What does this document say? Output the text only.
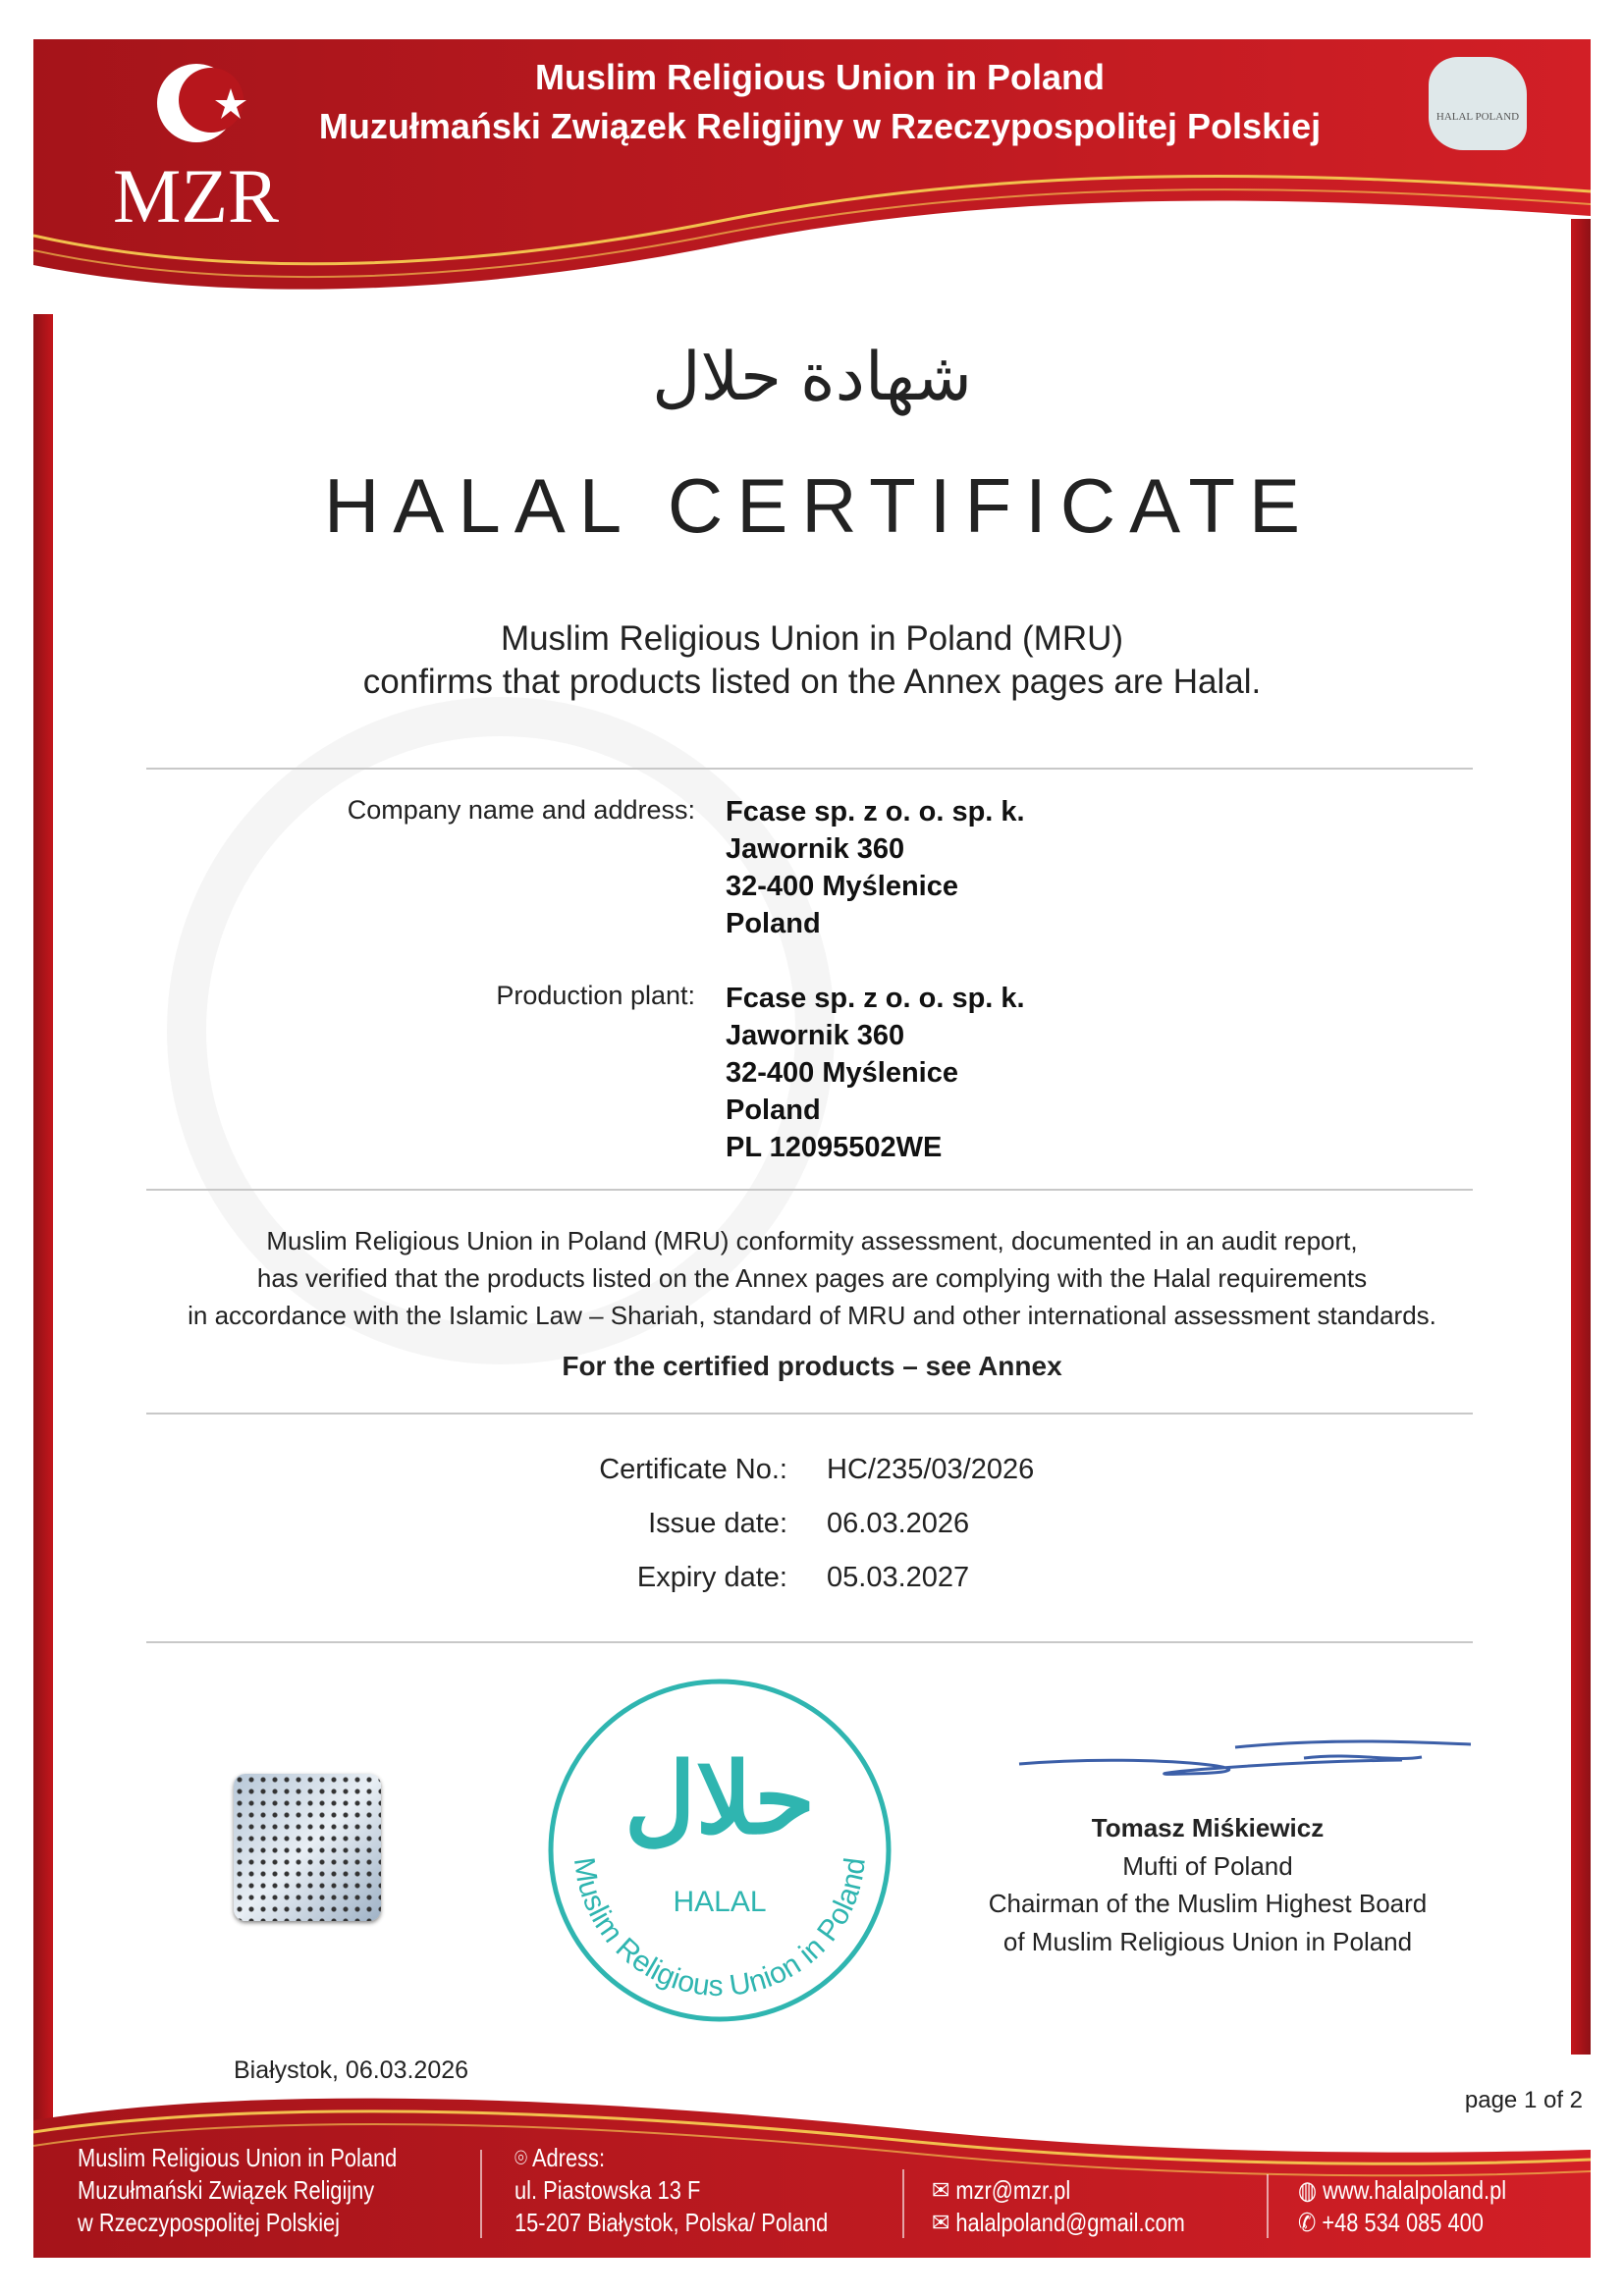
MZR
Muslim Religious Union in Poland
Muzułmański Związek Religijny w Rzeczypospolitej Polskiej	HALAL POLAND
شهادة حلال
HALAL CERTIFICATE
Muslim Religious Union in Poland (MRU)
confirms that products listed on the Annex pages are Halal.
Company name and address: Fcase sp. z o. o. sp. k.
Jawornik 360
32-400 Myślenice
Poland
Production plant: Fcase sp. z o. o. sp. k.
Jawornik 360
32-400 Myślenice
Poland
PL 12095502WE
Muslim Religious Union in Poland (MRU) conformity assessment, documented in an audit report,
has verified that the products listed on the Annex pages are complying with the Halal requirements
in accordance with the Islamic Law – Shariah, standard of MRU and other international assessment standards.
For the certified products – see Annex
Certificate No.: HC/235/03/2026
Issue date: 06.03.2026
Expiry date: 05.03.2027
Muslim Religious Union in Poland
حلال
HALAL
Tomasz Miśkiewicz
Mufti of Poland
Chairman of the Muslim Highest Board
of Muslim Religious Union in Poland
Białystok, 06.03.2026
page 1 of 2
Muslim Religious Union in Poland
Muzułmański Związek Religijny
w Rzeczypospolitej Polskiej
⌾ Adress:
ul. Piastowska 13 F
15-207 Białystok, Polska/ Poland
✉ mzr@mzr.pl
✉ halalpoland@gmail.com
◍ www.halalpoland.pl
✆ +48 534 085 400
